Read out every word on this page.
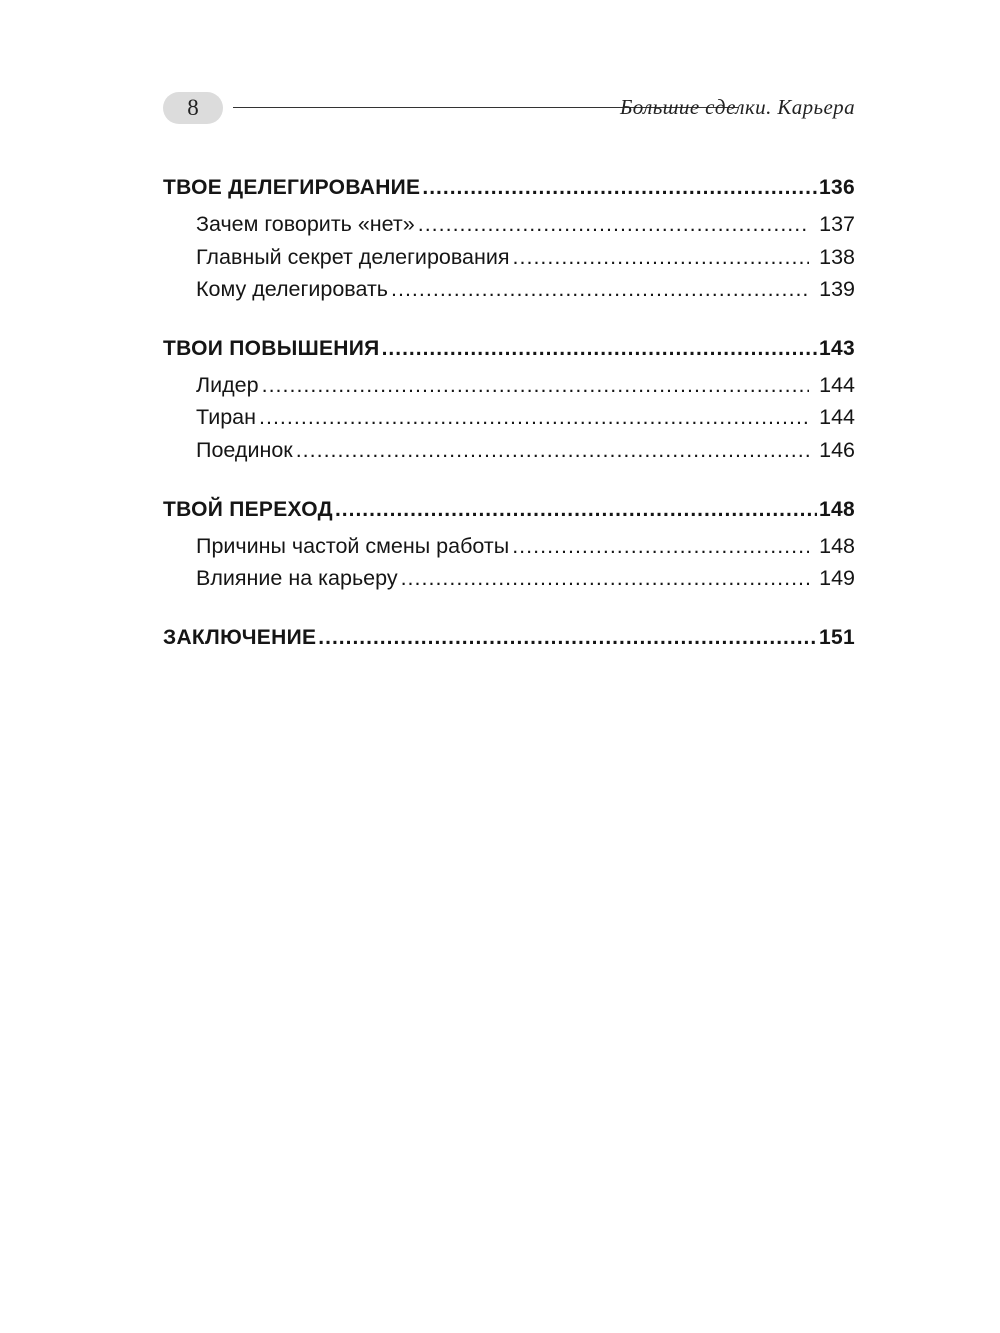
8	Большие сделки. Карьера
ТВОЕ ДЕЛЕГИРОВАНИЕ .....	136
Зачем говорить «нет» .....	137
Главный секрет делегирования .....	138
Кому делегировать .....	139
ТВОИ ПОВЫШЕНИЯ .....	143
Лидер .....	144
Тиран .....	144
Поединок .....	146
ТВОЙ ПЕРЕХОД .....	148
Причины частой смены работы .....	148
Влияние на карьеру .....	149
ЗАКЛЮЧЕНИЕ .....	151
